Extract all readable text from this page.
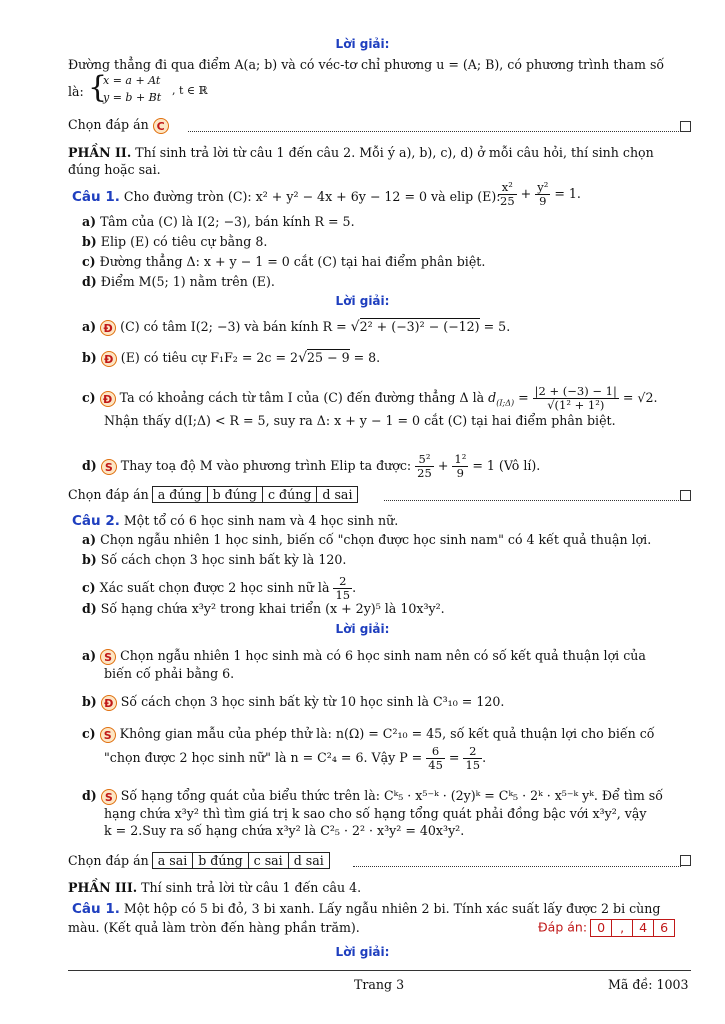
Lời giải:
Đường thẳng đi qua điểm A(a; b) và có véc-tơ chỉ phương u = (A; B), có phương trình tham số
là: {
x = a + At
y = b + Bt
, t ∈ ℝ
Chọn đáp án C
PHẦN II. Thí sinh trả lời từ câu 1 đến câu 2. Mỗi ý a), b), c), d) ở mỗi câu hỏi, thí sinh chọn
đúng hoặc sai.
Câu 1. Cho đường tròn (C): x² + y² − 4x + 6y − 12 = 0 và elip (E):
$\frac{\text{x²}}{25} + \frac{\text{y²}}{9} = 1$.
a) Tâm của (C) là I(2; −3), bán kính R = 5.
b) Elip (E) có tiêu cự bằng 8.
c) Đường thẳng Δ: x + y − 1 = 0 cắt (C) tại hai điểm phân biệt.
d) Điểm M(5; 1) nằm trên (E).
Lời giải:
a) Đ (C) có tâm I(2; −3) và bán kính R = √2² + (−3)² − (−12) = 5.
b) Đ (E) có tiêu cự F₁F₂ = 2c = 2√25 − 9 = 8.
c) Đ Ta có khoảng cách từ tâm I của (C) đến đường thẳng Δ là $d_{(I;\Delta)} = \frac{|2 + (-3) - 1|}{\text{√(1² + 1²)}} = √2$.
Nhận thấy d(I;Δ) < R = 5, suy ra Δ: x + y − 1 = 0 cắt (C) tại hai điểm phân biệt.
d) S Thay toạ độ M vào phương trình Elip ta được: $\frac{\text{5²}}{25} + \frac{\text{1²}}{9} = 1$ (Vô lí).
Chọn đáp án a đúng b đúng c đúng d sai
Câu 2. Một tổ có 6 học sinh nam và 4 học sinh nữ.
a) Chọn ngẫu nhiên 1 học sinh, biến cố "chọn được học sinh nam" có 4 kết quả thuận lợi.
b) Số cách chọn 3 học sinh bất kỳ là 120.
c) Xác suất chọn được 2 học sinh nữ là $\frac{2}{15}$ .
d) Số hạng chứa x³y² trong khai triển (x + 2y)⁵ là 10x³y².
Lời giải:
a) S Chọn ngẫu nhiên 1 học sinh mà có 6 học sinh nam nên có số kết quả thuận lợi của
biến cố phải bằng 6.
b) Đ Số cách chọn 3 học sinh bất kỳ từ 10 học sinh là C³₁₀ = 120.
c) S Không gian mẫu của phép thử là: n(Ω) = C²₁₀ = 45, số kết quả thuận lợi cho biến cố
"chọn được 2 học sinh nữ" là n = C²₄ = 6. Vậy $P = \frac{6}{45} = \frac{2}{15}$ .
d) S Số hạng tổng quát của biểu thức trên là: Cᵏ₅ · x⁵⁻ᵏ · (2y)ᵏ = Cᵏ₅ · 2ᵏ · x⁵⁻ᵏ yᵏ. Để tìm số
hạng chứa x³y² thì tìm giá trị k sao cho số hạng tổng quát phải đồng bậc với x³y², vậy
k = 2.Suy ra số hạng chứa x³y² là C²₅ · 2² · x³y² = 40x³y².
Chọn đáp án a sai b đúng c sai d sai
PHẦN III. Thí sinh trả lời từ câu 1 đến câu 4.
Câu 1. Một hộp có 5 bi đỏ, 3 bi xanh. Lấy ngẫu nhiên 2 bi. Tính xác suất lấy được 2 bi cùng
màu. (Kết quả làm tròn đến hàng phần trăm).	Đáp án: 0 , 4 6
Lời giải:
Trang 3	Mã đề: 1003
